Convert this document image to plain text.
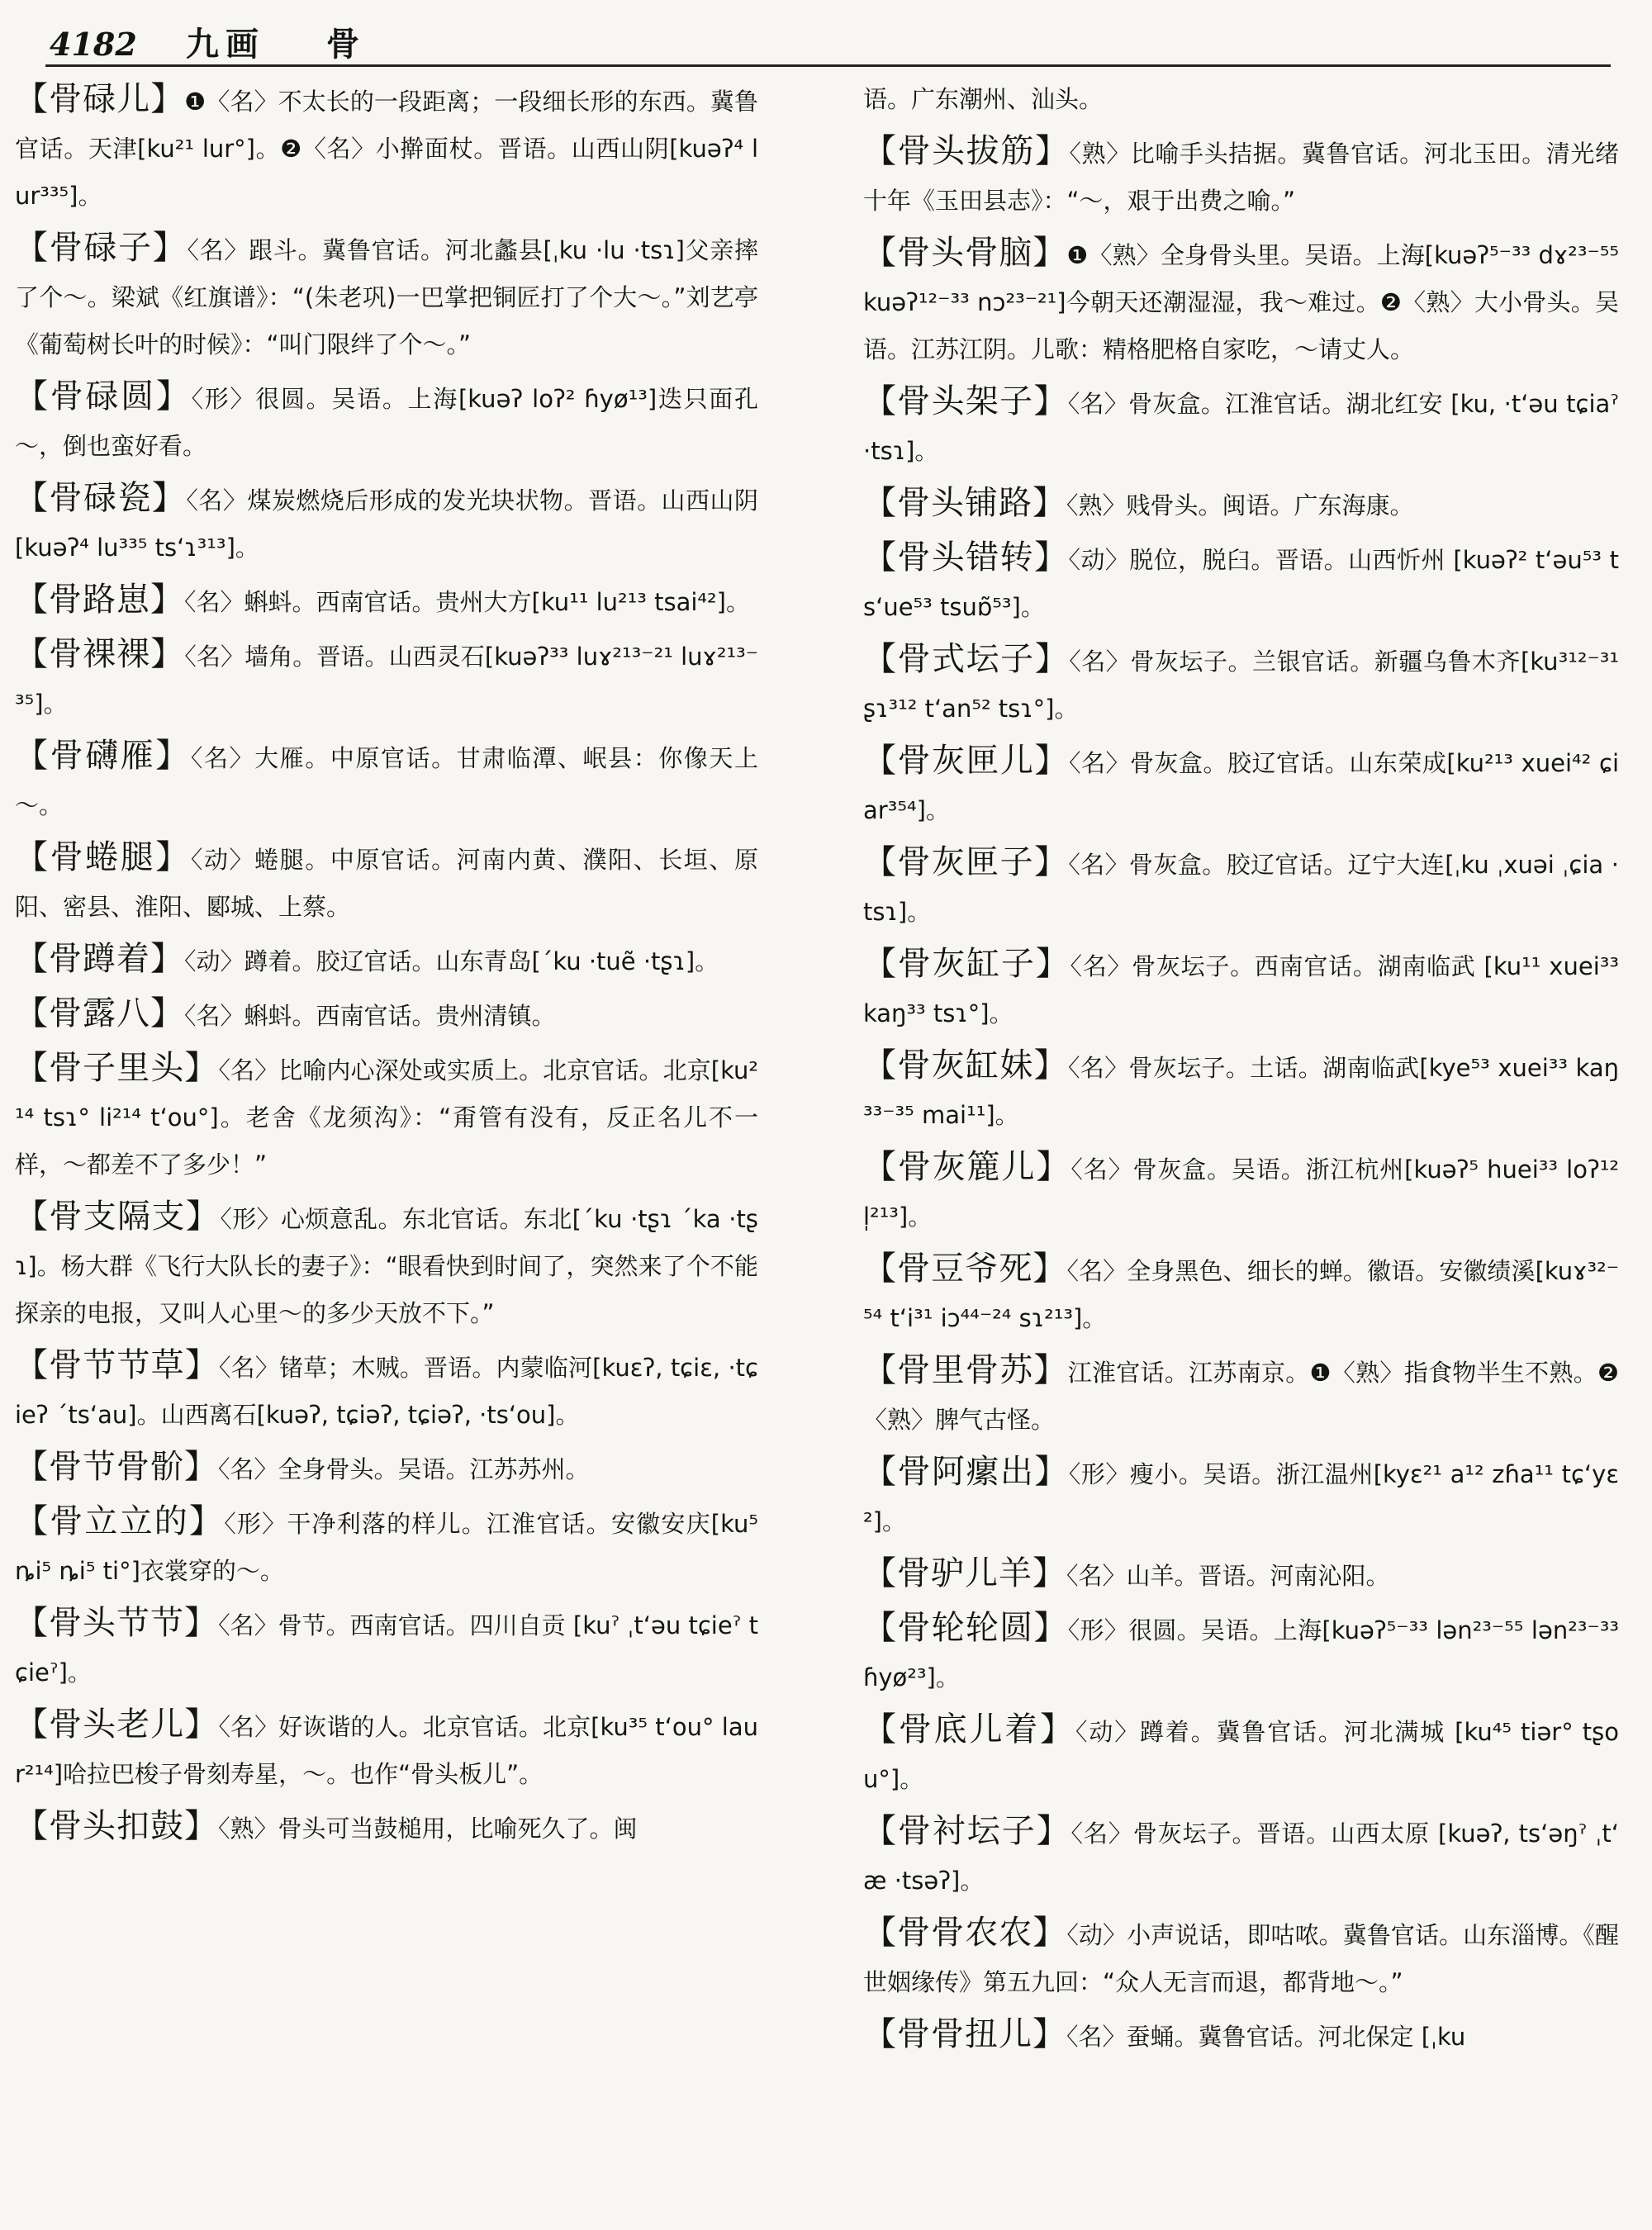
4182	九画	骨

【骨碌儿】❶〈名〉不太长的一段距离；一段细长形的东西。冀鲁官话。天津[ku²¹ lur°]。❷〈名〉小擀面杖。晋语。山西山阴[kuəʔ⁴ lur³³⁵]。

【骨碌子】〈名〉跟斗。冀鲁官话。河北蠡县[ˌku ·lu ·tsɿ]父亲摔了个～。梁斌《红旗谱》：“(朱老巩)一巴掌把铜匠打了个大～。”刘艺亭《葡萄树长叶的时候》：“叫门限绊了个～。”

【骨碌圆】〈形〉很圆。吴语。上海[kuəʔ loʔ² ɦyø¹³]迭只面孔～，倒也蛮好看。

【骨碌瓷】〈名〉煤炭燃烧后形成的发光块状物。晋语。山西山阴[kuəʔ⁴ lu³³⁵ tsʻɿ³¹³]。

【骨路崽】〈名〉蝌蚪。西南官话。贵州大方[ku¹¹ lu²¹³ tsai⁴²]。

【骨裸裸】〈名〉墙角。晋语。山西灵石[kuəʔ³³ luɤ²¹³⁻²¹ luɤ²¹³⁻³⁵]。

【骨礴雁】〈名〉大雁。中原官话。甘肃临潭、岷县：你像天上～。

【骨蜷腿】〈动〉蜷腿。中原官话。河南内黄、濮阳、长垣、原阳、密县、淮阳、郾城、上蔡。

【骨蹲着】〈动〉蹲着。胶辽官话。山东青岛[ˊku ·tuẽ ·tʂɿ]。

【骨露八】〈名〉蝌蚪。西南官话。贵州清镇。

【骨子里头】〈名〉比喻内心深处或实质上。北京官话。北京[ku²¹⁴ tsɿ° li²¹⁴ tʻou°]。老舍《龙须沟》：“甭管有没有，反正名儿不一样，～都差不了多少！”

【骨支隔支】〈形〉心烦意乱。东北官话。东北[ˊku ·tʂɿ ˊka ·tʂɿ]。杨大群《飞行大队长的妻子》：“眼看快到时间了，突然来了个不能探亲的电报，又叫人心里～的多少天放不下。”

【骨节节草】〈名〉锗草；木贼。晋语。内蒙临河[kuɛʔ, tɕiɛ, ·tɕieʔ ˊtsʻau]。山西离石[kuəʔ, tɕiəʔ, tɕiəʔ, ·tsʻou]。

【骨节骨骱】〈名〉全身骨头。吴语。江苏苏州。

【骨立立的】〈形〉干净利落的样儿。江淮官话。安徽安庆[ku⁵ ȵi⁵ ȵi⁵ ti°]衣裳穿的～。

【骨头节节】〈名〉骨节。西南官话。四川自贡 [kuˀ ˌtʻəu tɕieˀ tɕieˀ]。

【骨头老儿】〈名〉好诙谐的人。北京官话。北京[ku³⁵ tʻou° laur²¹⁴]哈拉巴梭子骨刻寿星，～。也作“骨头板儿”。

【骨头扣鼓】〈熟〉骨头可当鼓槌用，比喻死久了。闽

语。广东潮州、汕头。

【骨头拔筋】〈熟〉比喻手头拮据。冀鲁官话。河北玉田。清光绪十年《玉田县志》：“～，艰于出费之喻。”

【骨头骨脑】❶〈熟〉全身骨头里。吴语。上海[kuəʔ⁵⁻³³ dɤ²³⁻⁵⁵ kuəʔ¹²⁻³³ nɔ²³⁻²¹]今朝天还潮湿湿，我～难过。❷〈熟〉大小骨头。吴语。江苏江阴。儿歌：精格肥格自家吃，～请丈人。

【骨头架子】〈名〉骨灰盒。江淮官话。湖北红安 [ku, ·tʻəu tɕiaˀ ·tsɿ]。

【骨头铺路】〈熟〉贱骨头。闽语。广东海康。

【骨头错转】〈动〉脱位，脱臼。晋语。山西忻州 [kuəʔ² tʻəu⁵³ tsʻue⁵³ tsuɒ̃⁵³]。

【骨式坛子】〈名〉骨灰坛子。兰银官话。新疆乌鲁木齐[ku³¹²⁻³¹ ʂɿ³¹² tʻan⁵² tsɿ°]。

【骨灰匣儿】〈名〉骨灰盒。胶辽官话。山东荣成[ku²¹³ xuei⁴² ɕiar³⁵⁴]。

【骨灰匣子】〈名〉骨灰盒。胶辽官话。辽宁大连[ˌku ˌxuəi ˌɕia ·tsɿ]。

【骨灰缸子】〈名〉骨灰坛子。西南官话。湖南临武 [ku¹¹ xuei³³ kaŋ³³ tsɿ°]。

【骨灰缸妹】〈名〉骨灰坛子。土话。湖南临武[kye⁵³ xuei³³ kaŋ³³⁻³⁵ mai¹¹]。

【骨灰簏儿】〈名〉骨灰盒。吴语。浙江杭州[kuəʔ⁵ huei³³ loʔ¹² l̩²¹³]。

【骨豆爷死】〈名〉全身黑色、细长的蝉。徽语。安徽绩溪[kuɤ³²⁻⁵⁴ tʻi³¹ iɔ⁴⁴⁻²⁴ sɿ²¹³]。

【骨里骨苏】江淮官话。江苏南京。❶〈熟〉指食物半生不熟。❷〈熟〉脾气古怪。

【骨阿瘰出】〈形〉瘦小。吴语。浙江温州[kyɛ²¹ a¹² zɦa¹¹ tɕʻyɛ²]。

【骨驴儿羊】〈名〉山羊。晋语。河南沁阳。

【骨轮轮圆】〈形〉很圆。吴语。上海[kuəʔ⁵⁻³³ lən²³⁻⁵⁵ lən²³⁻³³ ɦyø²³]。

【骨底儿着】〈动〉蹲着。冀鲁官话。河北满城 [ku⁴⁵ tiər° tʂou°]。

【骨衬坛子】〈名〉骨灰坛子。晋语。山西太原 [kuəʔ, tsʻəŋˀ ˌtʻæ ·tsəʔ]。

【骨骨农农】〈动〉小声说话，即咕哝。冀鲁官话。山东淄博。《醒世姻缘传》第五九回：“众人无言而退，都背地～。”

【骨骨扭儿】〈名〉蚕蛹。冀鲁官话。河北保定 [ˌku
